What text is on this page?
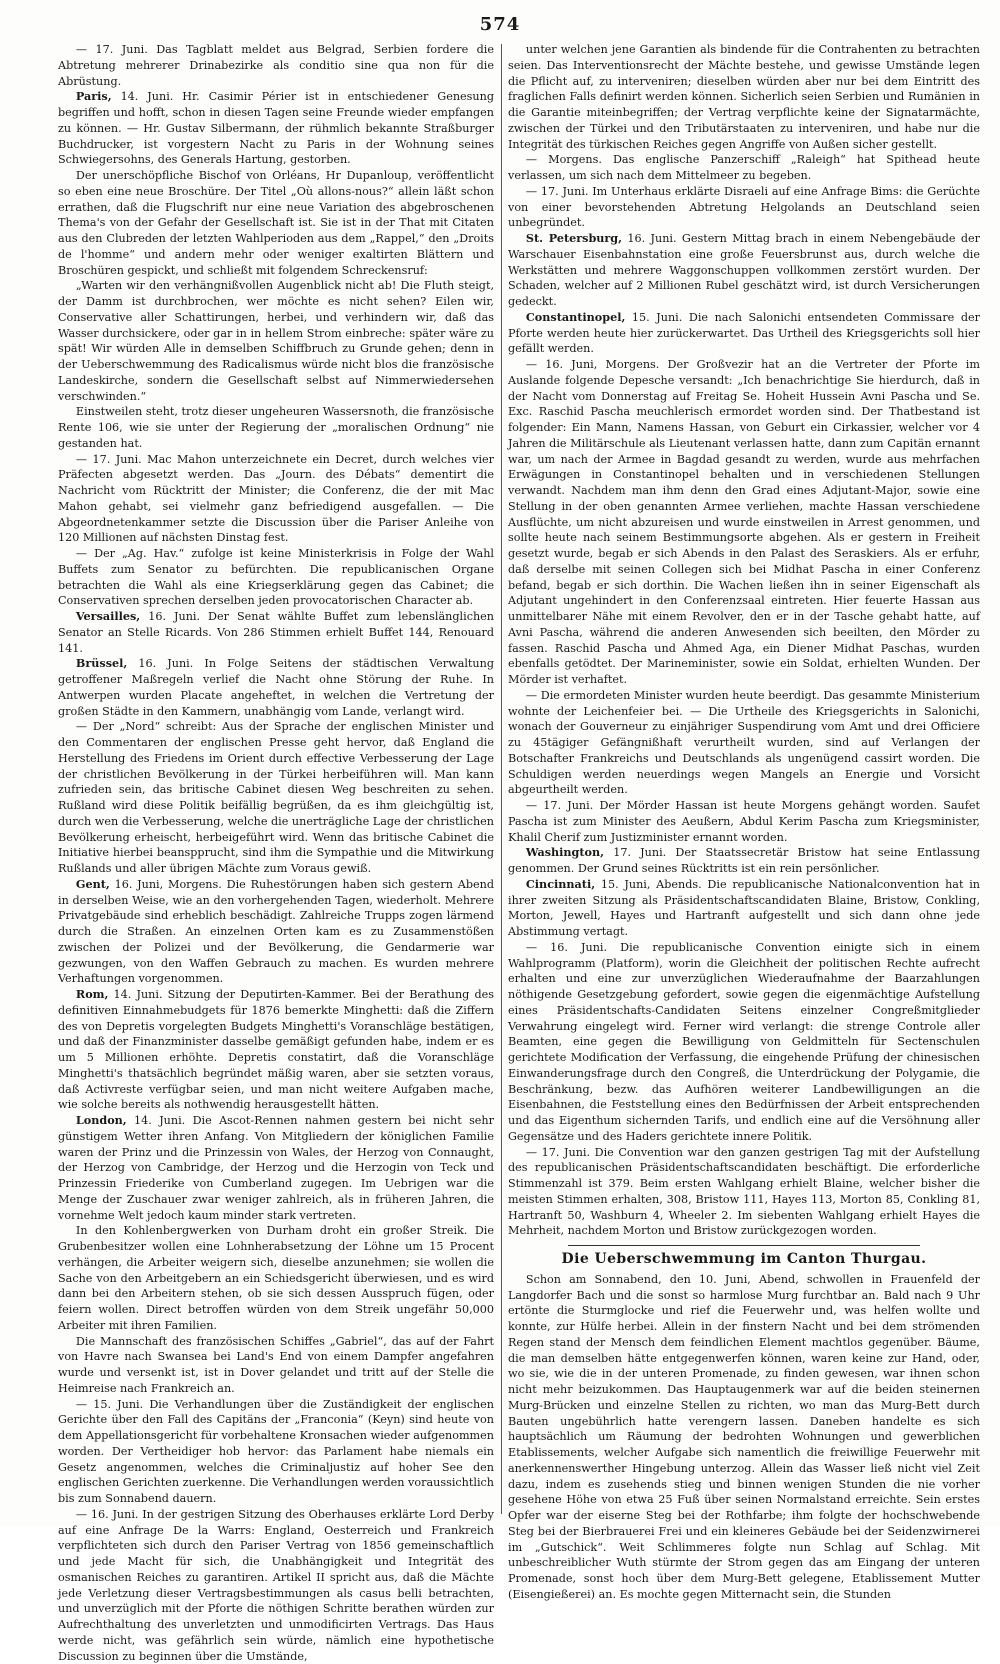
574

— 17. Juni. Das Tagblatt meldet aus Belgrad, Serbien fordere die Abtretung mehrerer Drinabezirke als conditio sine qua non für die Abrüstung.

Paris, 14. Juni. Hr. Casimir Périer ist in entschiedener Genesung begriffen und hofft, schon in diesen Tagen seine Freunde wieder empfangen zu können. — Hr. Gustav Silbermann, der rühmlich bekannte Straßburger Buchdrucker, ist vorgestern Nacht zu Paris in der Wohnung seines Schwiegersohns, des Generals Hartung, gestorben.

Der unerschöpfliche Bischof von Orléans, Hr Dupanloup, veröffentlicht so eben eine neue Broschüre. Der Titel „Où allons-nous?“ allein läßt schon errathen, daß die Flugschrift nur eine neue Variation des abgebroschenen Thema's von der Gefahr der Gesellschaft ist. Sie ist in der That mit Citaten aus den Clubreden der letzten Wahlperioden aus dem „Rappel,“ den „Droits de l'homme“ und andern mehr oder weniger exaltirten Blättern und Broschüren gespickt, und schließt mit folgendem Schreckensruf:

„Warten wir den verhängnißvollen Augenblick nicht ab! Die Fluth steigt, der Damm ist durchbrochen, wer möchte es nicht sehen? Eilen wir, Conservative aller Schattirungen, herbei, und verhindern wir, daß das Wasser durchsickere, oder gar in in hellem Strom einbreche: später wäre zu spät! Wir würden Alle in demselben Schiffbruch zu Grunde gehen; denn in der Ueberschwemmung des Radicalismus würde nicht blos die französische Landeskirche, sondern die Gesellschaft selbst auf Nimmerwiedersehen verschwinden.“

Einstweilen steht, trotz dieser ungeheuren Wassersnoth, die französische Rente 106, wie sie unter der Regierung der „moralischen Ordnung“ nie gestanden hat.

— 17. Juni. Mac Mahon unterzeichnete ein Decret, durch welches vier Präfecten abgesetzt werden. Das „Journ. des Débats“ dementirt die Nachricht vom Rücktritt der Minister; die Conferenz, die der mit Mac Mahon gehabt, sei vielmehr ganz befriedigend ausgefallen. — Die Abgeordnetenkammer setzte die Discussion über die Pariser Anleihe von 120 Millionen auf nächsten Dinstag fest.

— Der „Ag. Hav.“ zufolge ist keine Ministerkrisis in Folge der Wahl Buffets zum Senator zu befürchten. Die republicanischen Organe betrachten die Wahl als eine Kriegserklärung gegen das Cabinet; die Conservativen sprechen derselben jeden provocatorischen Character ab.

Versailles, 16. Juni. Der Senat wählte Buffet zum lebenslänglichen Senator an Stelle Ricards. Von 286 Stimmen erhielt Buffet 144, Renouard 141.

Brüssel, 16. Juni. In Folge Seitens der städtischen Verwaltung getroffener Maßregeln verlief die Nacht ohne Störung der Ruhe. In Antwerpen wurden Placate angeheftet, in welchen die Vertretung der großen Städte in den Kammern, unabhängig vom Lande, verlangt wird.

— Der „Nord“ schreibt: Aus der Sprache der englischen Minister und den Commentaren der englischen Presse geht hervor, daß England die Herstellung des Friedens im Orient durch effective Verbesserung der Lage der christlichen Bevölkerung in der Türkei herbeiführen will. Man kann zufrieden sein, das britische Cabinet diesen Weg beschreiten zu sehen. Rußland wird diese Politik beifällig begrüßen, da es ihm gleichgültig ist, durch wen die Verbesserung, welche die unerträgliche Lage der christlichen Bevölkerung erheischt, herbeigeführt wird. Wenn das britische Cabinet die Initiative hierbei beanspprucht, sind ihm die Sympathie und die Mitwirkung Rußlands und aller übrigen Mächte zum Voraus gewiß.

Gent, 16. Juni, Morgens. Die Ruhestörungen haben sich gestern Abend in derselben Weise, wie an den vorhergehenden Tagen, wiederholt. Mehrere Privatgebäude sind erheblich beschädigt. Zahlreiche Trupps zogen lärmend durch die Straßen. An einzelnen Orten kam es zu Zusammenstößen zwischen der Polizei und der Bevölkerung, die Gendarmerie war gezwungen, von den Waffen Gebrauch zu machen. Es wurden mehrere Verhaftungen vorgenommen.

Rom, 14. Juni. Sitzung der Deputirten-Kammer. Bei der Berathung des definitiven Einnahmebudgets für 1876 bemerkte Minghetti: daß die Ziffern des von Depretis vorgelegten Budgets Minghetti's Voranschläge bestätigen, und daß der Finanzminister dasselbe gemäßigt gefunden habe, indem er es um 5 Millionen erhöhte. Depretis constatirt, daß die Voranschläge Minghetti's thatsächlich begründet mäßig waren, aber sie setzten voraus, daß Activreste verfügbar seien, und man nicht weitere Aufgaben mache, wie solche bereits als nothwendig herausgestellt hätten.

London, 14. Juni. Die Ascot-Rennen nahmen gestern bei nicht sehr günstigem Wetter ihren Anfang. Von Mitgliedern der königlichen Familie waren der Prinz und die Prinzessin von Wales, der Herzog von Connaught, der Herzog von Cambridge, der Herzog und die Herzogin von Teck und Prinzessin Friederike von Cumberland zugegen. Im Uebrigen war die Menge der Zuschauer zwar weniger zahlreich, als in früheren Jahren, die vornehme Welt jedoch kaum minder stark vertreten.

In den Kohlenbergwerken von Durham droht ein großer Streik. Die Grubenbesitzer wollen eine Lohnherabsetzung der Löhne um 15 Procent verhängen, die Arbeiter weigern sich, dieselbe anzunehmen; sie wollen die Sache von den Arbeitgebern an ein Schiedsgericht überwiesen, und es wird dann bei den Arbeitern stehen, ob sie sich dessen Ausspruch fügen, oder feiern wollen. Direct betroffen würden von dem Streik ungefähr 50,000 Arbeiter mit ihren Familien.

Die Mannschaft des französischen Schiffes „Gabriel“, das auf der Fahrt von Havre nach Swansea bei Land's End von einem Dampfer angefahren wurde und versenkt ist, ist in Dover gelandet und tritt auf der Stelle die Heimreise nach Frankreich an.

— 15. Juni. Die Verhandlungen über die Zuständigkeit der englischen Gerichte über den Fall des Capitäns der „Franconia“ (Keyn) sind heute von dem Appellationsgericht für vorbehaltene Kronsachen wieder aufgenommen worden. Der Vertheidiger hob hervor: das Parlament habe niemals ein Gesetz angenommen, welches die Criminaljustiz auf hoher See den englischen Gerichten zuerkenne. Die Verhandlungen werden voraussichtlich bis zum Sonnabend dauern.

— 16. Juni. In der gestrigen Sitzung des Oberhauses erklärte Lord Derby auf eine Anfrage De la Warrs: England, Oesterreich und Frankreich verpflichteten sich durch den Pariser Vertrag von 1856 gemeinschaftlich und jede Macht für sich, die Unabhängigkeit und Integrität des osmanischen Reiches zu garantiren. Artikel II spricht aus, daß die Mächte jede Verletzung dieser Vertragsbestimmungen als casus belli betrachten, und unverzüglich mit der Pforte die nöthigen Schritte berathen würden zur Aufrechthaltung des unverletzten und unmodificirten Vertrags. Das Haus werde nicht, was gefährlich sein würde, nämlich eine hypothetische Discussion zu beginnen über die Umstände,

unter welchen jene Garantien als bindende für die Contrahenten zu betrachten seien. Das Interventionsrecht der Mächte bestehe, und gewisse Umstände legen die Pflicht auf, zu interveniren; dieselben würden aber nur bei dem Eintritt des fraglichen Falls definirt werden können. Sicherlich seien Serbien und Rumänien in die Garantie miteinbegriffen; der Vertrag verpflichte keine der Signatarmächte, zwischen der Türkei und den Tributärstaaten zu interveniren, und habe nur die Integrität des türkischen Reiches gegen Angriffe von Außen sicher gestellt.

— Morgens. Das englische Panzerschiff „Raleigh“ hat Spithead heute verlassen, um sich nach dem Mittelmeer zu begeben.

— 17. Juni. Im Unterhaus erklärte Disraeli auf eine Anfrage Bims: die Gerüchte von einer bevorstehenden Abtretung Helgolands an Deutschland seien unbegründet.

St. Petersburg, 16. Juni. Gestern Mittag brach in einem Nebengebäude der Warschauer Eisenbahnstation eine große Feuersbrunst aus, durch welche die Werkstätten und mehrere Waggonschuppen vollkommen zerstört wurden. Der Schaden, welcher auf 2 Millionen Rubel geschätzt wird, ist durch Versicherungen gedeckt.

Constantinopel, 15. Juni. Die nach Salonichi entsendeten Commissare der Pforte werden heute hier zurückerwartet. Das Urtheil des Kriegsgerichts soll hier gefällt werden.

— 16. Juni, Morgens. Der Großvezir hat an die Vertreter der Pforte im Auslande folgende Depesche versandt: „Ich benachrichtige Sie hierdurch, daß in der Nacht vom Donnerstag auf Freitag Se. Hoheit Hussein Avni Pascha und Se. Exc. Raschid Pascha meuchlerisch ermordet worden sind. Der Thatbestand ist folgender: Ein Mann, Namens Hassan, von Geburt ein Cirkassier, welcher vor 4 Jahren die Militärschule als Lieutenant verlassen hatte, dann zum Capitän ernannt war, um nach der Armee in Bagdad gesandt zu werden, wurde aus mehrfachen Erwägungen in Constantinopel behalten und in verschiedenen Stellungen verwandt. Nachdem man ihm denn den Grad eines Adjutant-Major, sowie eine Stellung in der oben genannten Armee verliehen, machte Hassan verschiedene Ausflüchte, um nicht abzureisen und wurde einstweilen in Arrest genommen, und sollte heute nach seinem Bestimmungsorte abgehen. Als er gestern in Freiheit gesetzt wurde, begab er sich Abends in den Palast des Seraskiers. Als er erfuhr, daß derselbe mit seinen Collegen sich bei Midhat Pascha in einer Conferenz befand, begab er sich dorthin. Die Wachen ließen ihn in seiner Eigenschaft als Adjutant ungehindert in den Conferenzsaal eintreten. Hier feuerte Hassan aus unmittelbarer Nähe mit einem Revolver, den er in der Tasche gehabt hatte, auf Avni Pascha, während die anderen Anwesenden sich beeilten, den Mörder zu fassen. Raschid Pascha und Ahmed Aga, ein Diener Midhat Paschas, wurden ebenfalls getödtet. Der Marineminister, sowie ein Soldat, erhielten Wunden. Der Mörder ist verhaftet.

— Die ermordeten Minister wurden heute beerdigt. Das gesammte Ministerium wohnte der Leichenfeier bei. — Die Urtheile des Kriegsgerichts in Salonichi, wonach der Gouverneur zu einjähriger Suspendirung vom Amt und drei Officiere zu 45tägiger Gefängnißhaft verurtheilt wurden, sind auf Verlangen der Botschafter Frankreichs und Deutschlands als ungenügend cassirt worden. Die Schuldigen werden neuerdings wegen Mangels an Energie und Vorsicht abgeurtheilt werden.

— 17. Juni. Der Mörder Hassan ist heute Morgens gehängt worden. Saufet Pascha ist zum Minister des Aeußern, Abdul Kerim Pascha zum Kriegsminister, Khalil Cherif zum Justizminister ernannt worden.

Washington, 17. Juni. Der Staatssecretär Bristow hat seine Entlassung genommen. Der Grund seines Rücktritts ist ein rein persönlicher.

Cincinnati, 15. Juni, Abends. Die republicanische Nationalconvention hat in ihrer zweiten Sitzung als Präsidentschaftscandidaten Blaine, Bristow, Conkling, Morton, Jewell, Hayes und Hartranft aufgestellt und sich dann ohne jede Abstimmung vertagt.

— 16. Juni. Die republicanische Convention einigte sich in einem Wahlprogramm (Platform), worin die Gleichheit der politischen Rechte aufrecht erhalten und eine zur unverzüglichen Wiederaufnahme der Baarzahlungen nöthigende Gesetzgebung gefordert, sowie gegen die eigenmächtige Aufstellung eines Präsidentschafts-Candidaten Seitens einzelner Congreßmitglieder Verwahrung eingelegt wird. Ferner wird verlangt: die strenge Controle aller Beamten, eine gegen die Bewilligung von Geldmitteln für Sectenschulen gerichtete Modification der Verfassung, die eingehende Prüfung der chinesischen Einwanderungsfrage durch den Congreß, die Unterdrückung der Polygamie, die Beschränkung, bezw. das Aufhören weiterer Landbewilligungen an die Eisenbahnen, die Feststellung eines den Bedürfnissen der Arbeit entsprechenden und das Eigenthum sichernden Tarifs, und endlich eine auf die Versöhnung aller Gegensätze und des Haders gerichtete innere Politik.

— 17. Juni. Die Convention war den ganzen gestrigen Tag mit der Aufstellung des republicanischen Präsidentschaftscandidaten beschäftigt. Die erforderliche Stimmenzahl ist 379. Beim ersten Wahlgang erhielt Blaine, welcher bisher die meisten Stimmen erhalten, 308, Bristow 111, Hayes 113, Morton 85, Conkling 81, Hartranft 50, Washburn 4, Wheeler 2. Im siebenten Wahlgang erhielt Hayes die Mehrheit, nachdem Morton und Bristow zurückgezogen worden.

Die Ueberschwemmung im Canton Thurgau.

Schon am Sonnabend, den 10. Juni, Abend, schwollen in Frauenfeld der Langdorfer Bach und die sonst so harmlose Murg furchtbar an. Bald nach 9 Uhr ertönte die Sturmglocke und rief die Feuerwehr und, was helfen wollte und konnte, zur Hülfe herbei. Allein in der finstern Nacht und bei dem strömenden Regen stand der Mensch dem feindlichen Element machtlos gegenüber. Bäume, die man demselben hätte entgegenwerfen können, waren keine zur Hand, oder, wo sie, wie die in der unteren Promenade, zu finden gewesen, war ihnen schon nicht mehr beizukommen. Das Hauptaugenmerk war auf die beiden steinernen Murg-Brücken und einzelne Stellen zu richten, wo man das Murg-Bett durch Bauten ungebührlich hatte verengern lassen. Daneben handelte es sich hauptsächlich um Räumung der bedrohten Wohnungen und gewerblichen Etablissements, welcher Aufgabe sich namentlich die freiwillige Feuerwehr mit anerkennenswerther Hingebung unterzog. Allein das Wasser ließ nicht viel Zeit dazu, indem es zusehends stieg und binnen wenigen Stunden die nie vorher gesehene Höhe von etwa 25 Fuß über seinen Normalstand erreichte. Sein erstes Opfer war der eiserne Steg bei der Rothfarbe; ihm folgte der hochschwebende Steg bei der Bierbrauerei Frei und ein kleineres Gebäude bei der Seidenzwirnerei im „Gutschick“. Weit Schlimmeres folgte nun Schlag auf Schlag. Mit unbeschreiblicher Wuth stürmte der Strom gegen das am Eingang der unteren Promenade, sonst hoch über dem Murg-Bett gelegene, Etablissement Mutter (Eisengießerei) an. Es mochte gegen Mitternacht sein, die Stunden
